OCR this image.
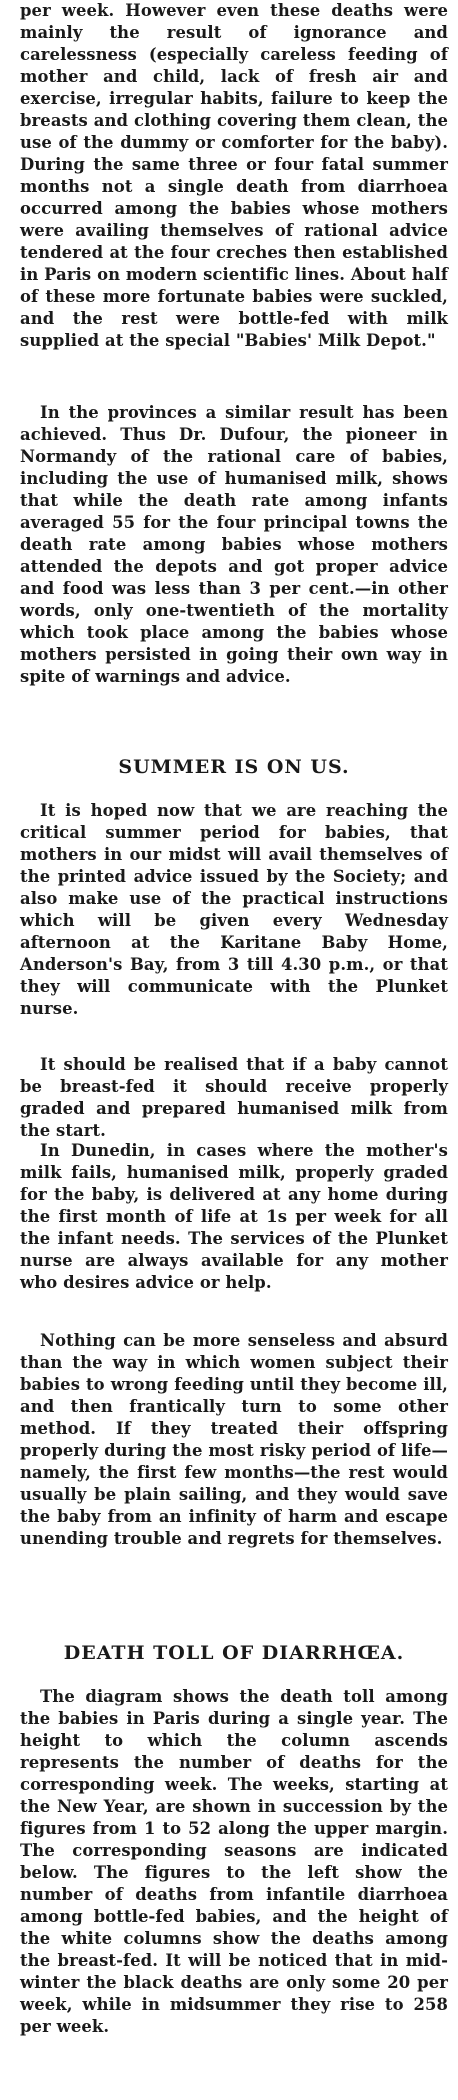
per week. However even these deaths were mainly the result of ignorance and carelessness (especially careless feeding of mother and child, lack of fresh air and exercise, irregular habits, failure to keep the breasts and clothing covering them clean, the use of the dummy or comforter for the baby). During the same three or four fatal summer months not a single death from diarrhoea occurred among the babies whose mothers were availing themselves of rational advice tendered at the four creches then established in Paris on modern scientific lines. About half of these more fortunate babies were suckled, and the rest were bottle-fed with milk supplied at the special "Babies' Milk Depot."

In the provinces a similar result has been achieved. Thus Dr. Dufour, the pioneer in Normandy of the rational care of babies, including the use of humanised milk, shows that while the death rate among infants averaged 55 for the four principal towns the death rate among babies whose mothers attended the depots and got proper advice and food was less than 3 per cent.—in other words, only one-twentieth of the mortality which took place among the babies whose mothers persisted in going their own way in spite of warnings and advice.

SUMMER IS ON US.

It is hoped now that we are reaching the critical summer period for babies, that mothers in our midst will avail themselves of the printed advice issued by the Society; and also make use of the practical instructions which will be given every Wednesday afternoon at the Karitane Baby Home, Anderson's Bay, from 3 till 4.30 p.m., or that they will communicate with the Plunket nurse.

It should be realised that if a baby cannot be breast-fed it should receive properly graded and prepared humanised milk from the start.

In Dunedin, in cases where the mother's milk fails, humanised milk, properly graded for the baby, is delivered at any home during the first month of life at 1s per week for all the infant needs. The services of the Plunket nurse are always available for any mother who desires advice or help.

Nothing can be more senseless and absurd than the way in which women subject their babies to wrong feeding until they become ill, and then frantically turn to some other method. If they treated their offspring properly during the most risky period of life—namely, the first few months—the rest would usually be plain sailing, and they would save the baby from an infinity of harm and escape unending trouble and regrets for themselves.

DEATH TOLL OF DIARRHŒA.

The diagram shows the death toll among the babies in Paris during a single year. The height to which the column ascends represents the number of deaths for the corresponding week. The weeks, starting at the New Year, are shown in succession by the figures from 1 to 52 along the upper margin. The corresponding seasons are indicated below. The figures to the left show the number of deaths from infantile diarrhoea among bottle-fed babies, and the height of the white columns show the deaths among the breast-fed. It will be noticed that in mid-winter the black deaths are only some 20 per week, while in midsummer they rise to 258 per week.
